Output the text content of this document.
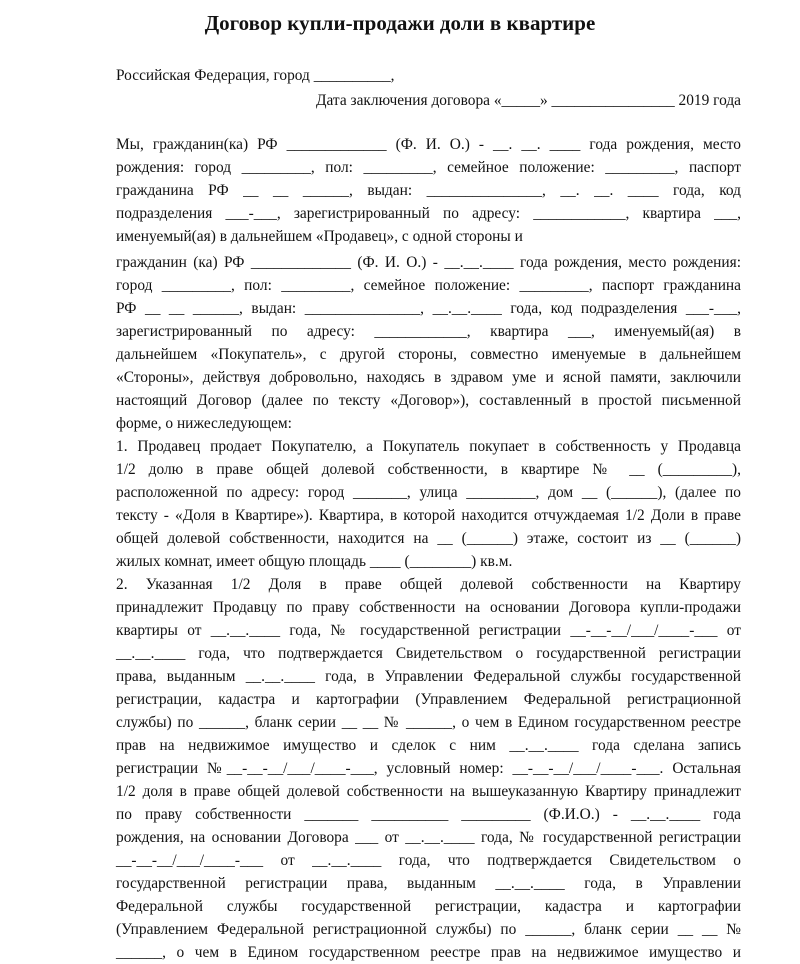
Договор купли-продажи доли в квартире
Российская Федерация, город __________,
Дата заключения договора «_____» ________________ 2019 года
Мы, гражданин(ка) РФ _____________ (Ф. И. О.) - __. __. ____ года рождения, место
рождения: город _________, пол: _________, семейное положение: _________, паспорт
гражданина РФ __ __ ______, выдан: _______________, __. __. ____ года, код
подразделения ___-___, зарегистрированный по адресу: ____________, квартира ___,
именуемый(ая) в дальнейшем «Продавец», с одной стороны и
гражданин (ка) РФ _____________ (Ф. И. О.) - __.__.____ года рождения, место рождения:
город _________, пол: _________, семейное положение: _________, паспорт гражданина
РФ __ __ ______, выдан: _______________, __.__.____ года, код подразделения ___-___,
зарегистрированный по адресу: ____________, квартира ___, именуемый(ая) в
дальнейшем «Покупатель», с другой стороны, совместно именуемые в дальнейшем
«Стороны», действуя добровольно, находясь в здравом уме и ясной памяти, заключили
настоящий Договор (далее по тексту «Договор»), составленный в простой письменной
форме, о нижеследующем:
1. Продавец продает Покупателю, а Покупатель покупает в собственность у Продавца
1/2 долю в праве общей долевой собственности, в квартире № __ (_________),
расположенной по адресу: город _______, улица _________, дом __ (______), (далее по
тексту - «Доля в Квартире»). Квартира, в которой находится отчуждаемая 1/2 Доли в праве
общей долевой собственности, находится на __ (______) этаже, состоит из __ (______)
жилых комнат, имеет общую площадь ____ (________) кв.м.
2. Указанная 1/2 Доля в праве общей долевой собственности на Квартиру
принадлежит Продавцу по праву собственности на основании Договора купли-продажи
квартиры от __.__.____ года, № государственной регистрации __-__-__/___/____-___ от
__.__.____ года, что подтверждается Свидетельством о государственной регистрации
права, выданным __.__.____ года, в Управлении Федеральной службы государственной
регистрации, кадастра и картографии (Управлением Федеральной регистрационной
службы) по ______, бланк серии __ __ № ______, о чем в Едином государственном реестре
прав на недвижимое имущество и сделок с ним __.__.____ года сделана запись
регистрации №__-__-__/___/____-___, условный номер: __-__-__/___/____-___. Остальная
1/2 доля в праве общей долевой собственности на вышеуказанную Квартиру принадлежит
по праву собственности _______ __________ _________ (Ф.И.О.) - __.__.____ года
рождения, на основании Договора ___ от __.__.____ года, № государственной регистрации
__-__-__/___/____-___ от __.__.____ года, что подтверждается Свидетельством о
государственной регистрации права, выданным __.__.____ года, в Управлении
Федеральной службы государственной регистрации, кадастра и картографии
(Управлением Федеральной регистрационной службы) по ______, бланк серии __ __ №
______, о чем в Едином государственном реестре прав на недвижимое имущество и
